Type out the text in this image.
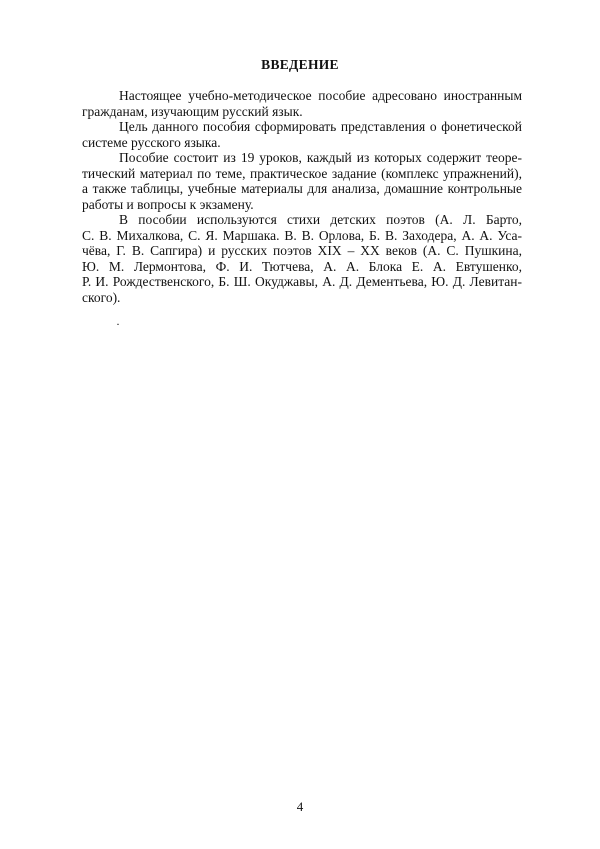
ВВЕДЕНИЕ

Настоящее учебно-методическое пособие адресовано иностранным
гражданам, изучающим русский язык.

Цель данного пособия сформировать представления о фонетической
системе русского языка.

Пособие состоит из 19 уроков, каждый из которых содержит теоре-
тический материал по теме, практическое задание (комплекс упражнений),
а также таблицы, учебные материалы для анализа, домашние контрольные
работы и вопросы к экзамену.

В пособии используются стихи детских поэтов (А. Л. Барто,
С. В. Михалкова, С. Я. Маршака. В. В. Орлова, Б. В. Заходера, А. А. Уса-
чёва, Г. В. Сапгира) и русских поэтов XIX – XX веков (А. С. Пушкина,
Ю. М. Лермонтова, Ф. И. Тютчева, А. А. Блока Е. А. Евтушенко,
Р. И. Рождественского, Б. Ш. Окуджавы, А. Д. Дементьева, Ю. Д. Левитан-
ского).

·
4
